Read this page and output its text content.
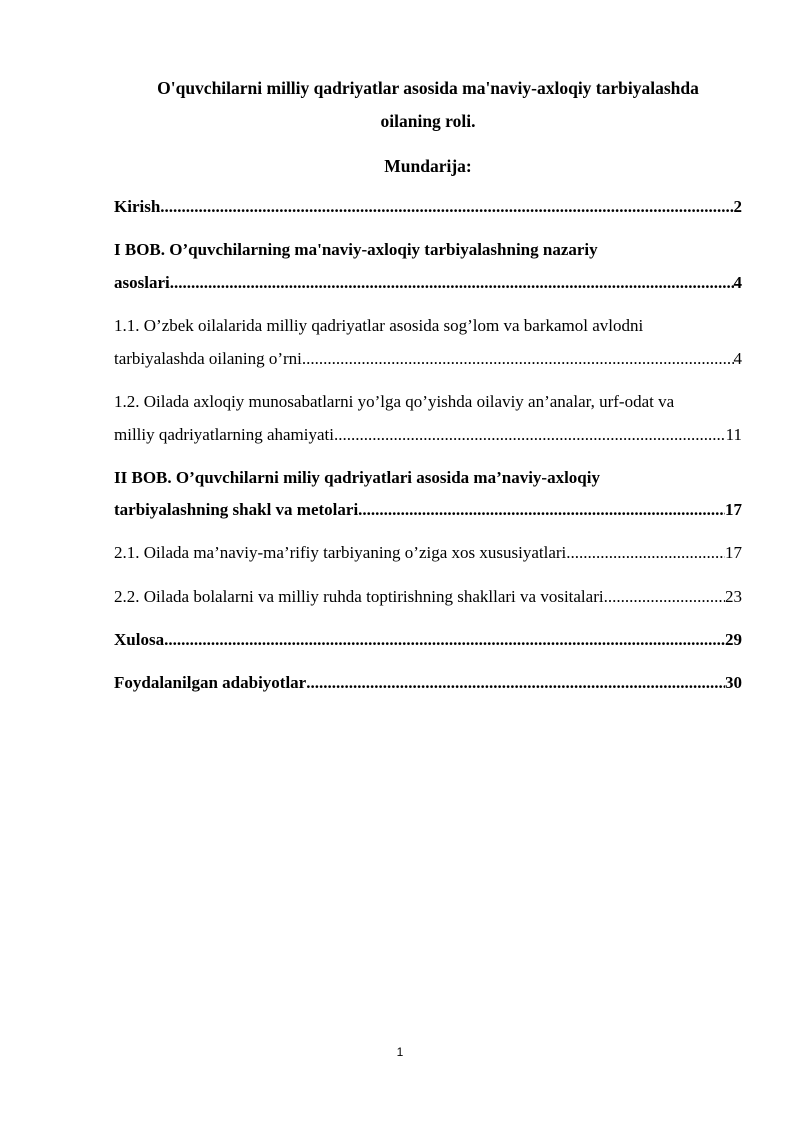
O'quvchilarni milliy qadriyatlar asosida ma'naviy-axloqiy tarbiyalashda
oilaning roli.
Mundarija:
Kirish .....	2
I BOB. O’quvchilarning ma'naviy-axloqiy tarbiyalashning nazariy
asoslari .....	4
1.1. O’zbek oilalarida milliy qadriyatlar asosida sog’lom va barkamol avlodni
tarbiyalashda oilaning o’rni .....	4
1.2. Oilada axloqiy munosabatlarni yo’lga qo’yishda oilaviy an’analar, urf-odat va
milliy qadriyatlarning ahamiyati .....	11
II BOB. O’quvchilarni miliy qadriyatlari asosida ma’naviy-axloqiy
tarbiyalashning shakl va metolari .....	17
2.1. Oilada ma’naviy-ma’rifiy tarbiyaning o’ziga xos xususiyatlari .....	17
2.2. Oilada bolalarni va milliy ruhda toptirishning shakllari va vositalari .....	23
Xulosa .....	29
Foydalanilgan adabiyotlar .....	30
1
